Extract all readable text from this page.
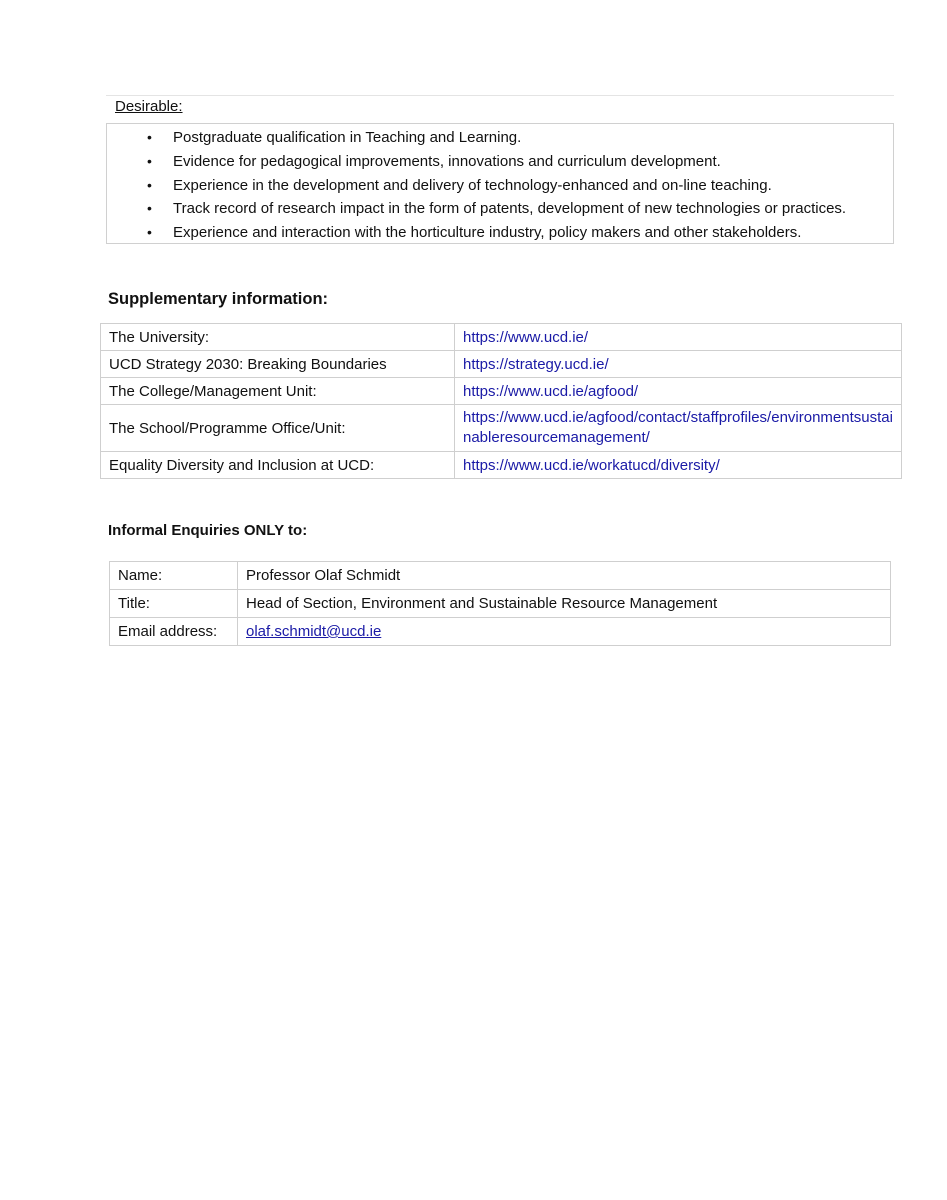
Desirable:
• Postgraduate qualification in Teaching and Learning.
• Evidence for pedagogical improvements, innovations and curriculum development.
• Experience in the development and delivery of technology-enhanced and on-line teaching.
• Track record of research impact in the form of patents, development of new technologies or practices.
• Experience and interaction with the horticulture industry, policy makers and other stakeholders.
Supplementary information:
The University:	https://www.ucd.ie/
UCD Strategy 2030: Breaking Boundaries	https://strategy.ucd.ie/
The College/Management Unit:	https://www.ucd.ie/agfood/
The School/Programme Office/Unit:	https://www.ucd.ie/agfood/contact/staffprofiles/environmentsustainableresourcemanagement/

Equality Diversity and Inclusion at UCD:	https://www.ucd.ie/workatucd/diversity/
Informal Enquiries ONLY to:
Name:	Professor Olaf Schmidt
Title:	Head of Section, Environment and Sustainable Resource Management
Email address:	olaf.schmidt@ucd.ie
